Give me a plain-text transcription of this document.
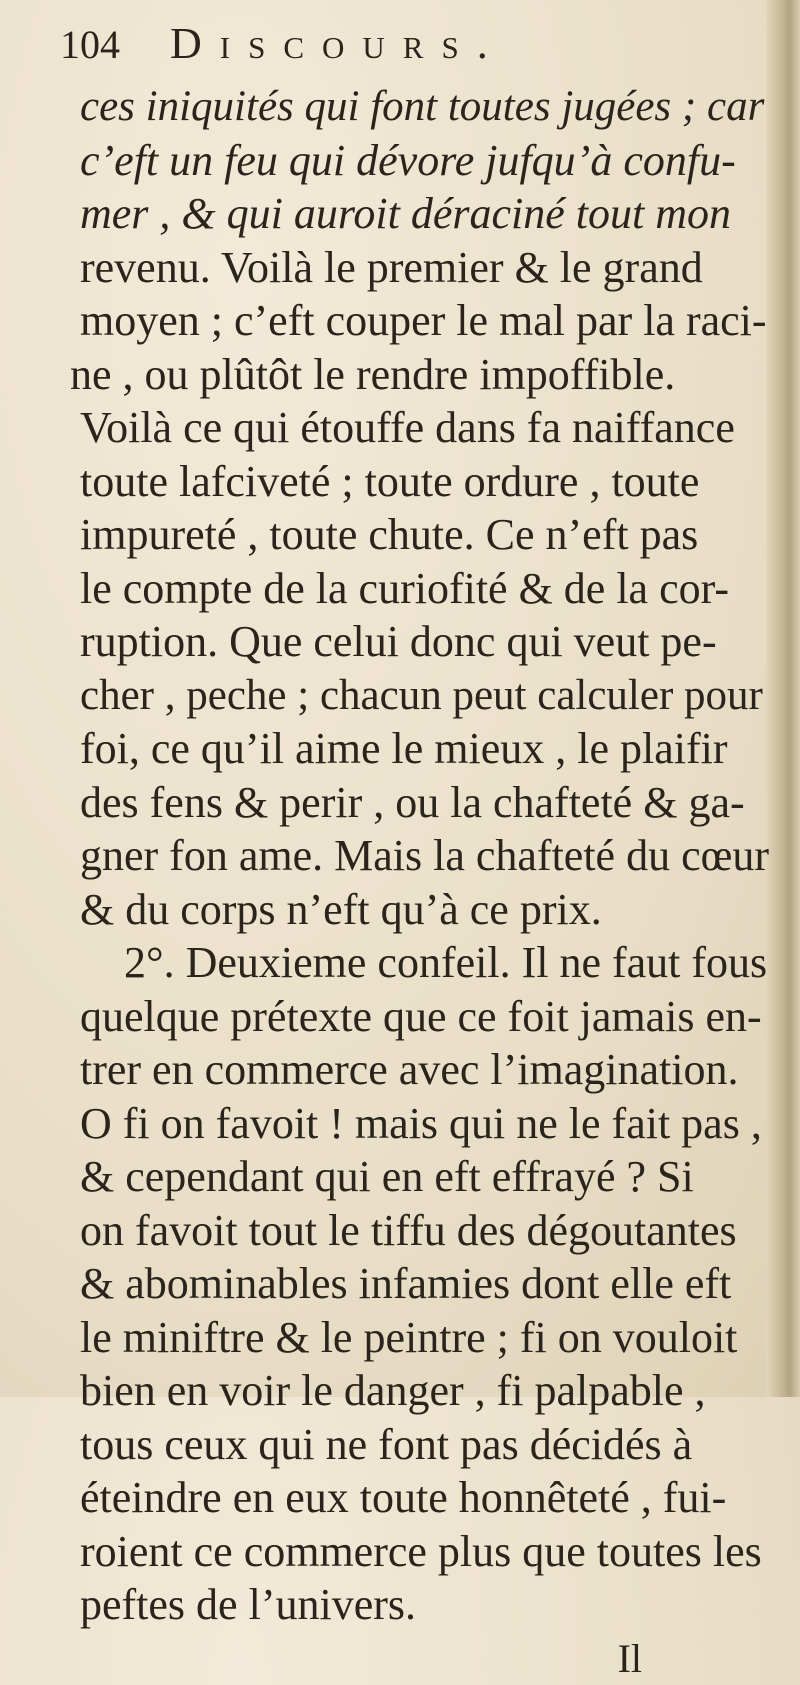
104	Discours.
ces iniquités qui font toutes jugées ; car
c’eft un feu qui dévore jufqu’à confu-
mer , & qui auroit déraciné tout mon
revenu. Voilà le premier & le grand
moyen ; c’eft couper le mal par la raci-
ne , ou plûtôt le rendre impoffible.
Voilà ce qui étouffe dans fa naiffance
toute lafciveté ; toute ordure , toute
impureté , toute chute. Ce n’eft pas
le compte de la curiofité & de la cor-
ruption. Que celui donc qui veut pe-
cher , peche ; chacun peut calculer pour
foi, ce qu’il aime le mieux , le plaifir
des fens & perir , ou la chafteté & ga-
gner fon ame. Mais la chafteté du cœur
& du corps n’eft qu’à ce prix.
2°. Deuxieme confeil. Il ne faut fous
quelque prétexte que ce foit jamais en-
trer en commerce avec l’imagination.
O fi on favoit ! mais qui ne le fait pas ,
& cependant qui en eft effrayé ? Si
on favoit tout le tiffu des dégoutantes
& abominables infamies dont elle eft
le miniftre & le peintre ; fi on vouloit
bien en voir le danger , fi palpable ,
tous ceux qui ne font pas décidés à
éteindre en eux toute honnêteté , fui-
roient ce commerce plus que toutes les
peftes de l’univers.
Il
